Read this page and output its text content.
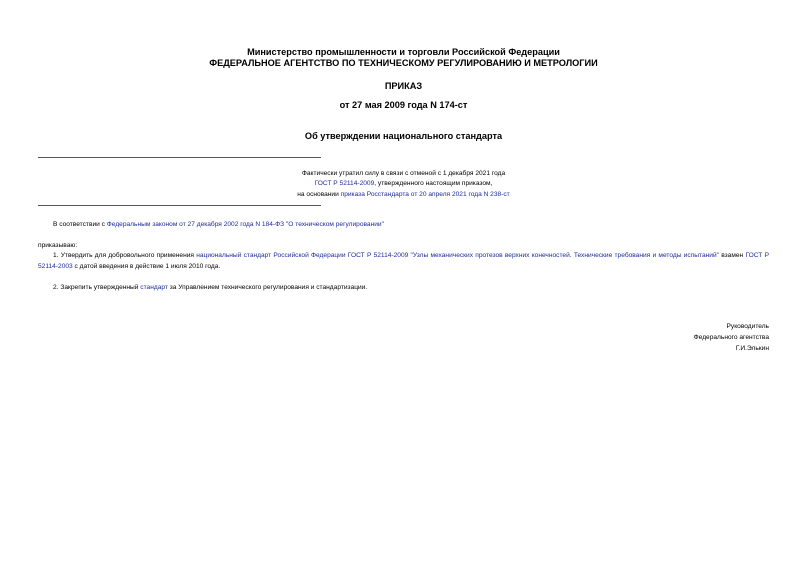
Министерство промышленности и торговли Российской Федерации
ФЕДЕРАЛЬНОЕ АГЕНТСТВО ПО ТЕХНИЧЕСКОМУ РЕГУЛИРОВАНИЮ И МЕТРОЛОГИИ
ПРИКАЗ
от 27 мая 2009 года N 174-ст
Об утверждении национального стандарта
Фактически утратил силу в связи с отменой с 1 декабря 2021 года
ГОСТ Р 52114-2009, утвержденного настоящим приказом,
на основании приказа Росстандарта от 20 апреля 2021 года N 238-ст
В соответствии с Федеральным законом от 27 декабря 2002 года N 184-ФЗ "О техническом регулировании"
приказываю:
1. Утвердить для добровольного применения национальный стандарт Российской Федерации ГОСТ Р 52114-2009 "Узлы механических протезов верхних конечностей. Технические требования и методы испытаний" взамен ГОСТ Р 52114-2003 с датой введения в действие 1 июля 2010 года.
2. Закрепить утвержденный стандарт за Управлением технического регулирования и стандартизации.
Руководитель
Федерального агентства
Г.И.Элькин
